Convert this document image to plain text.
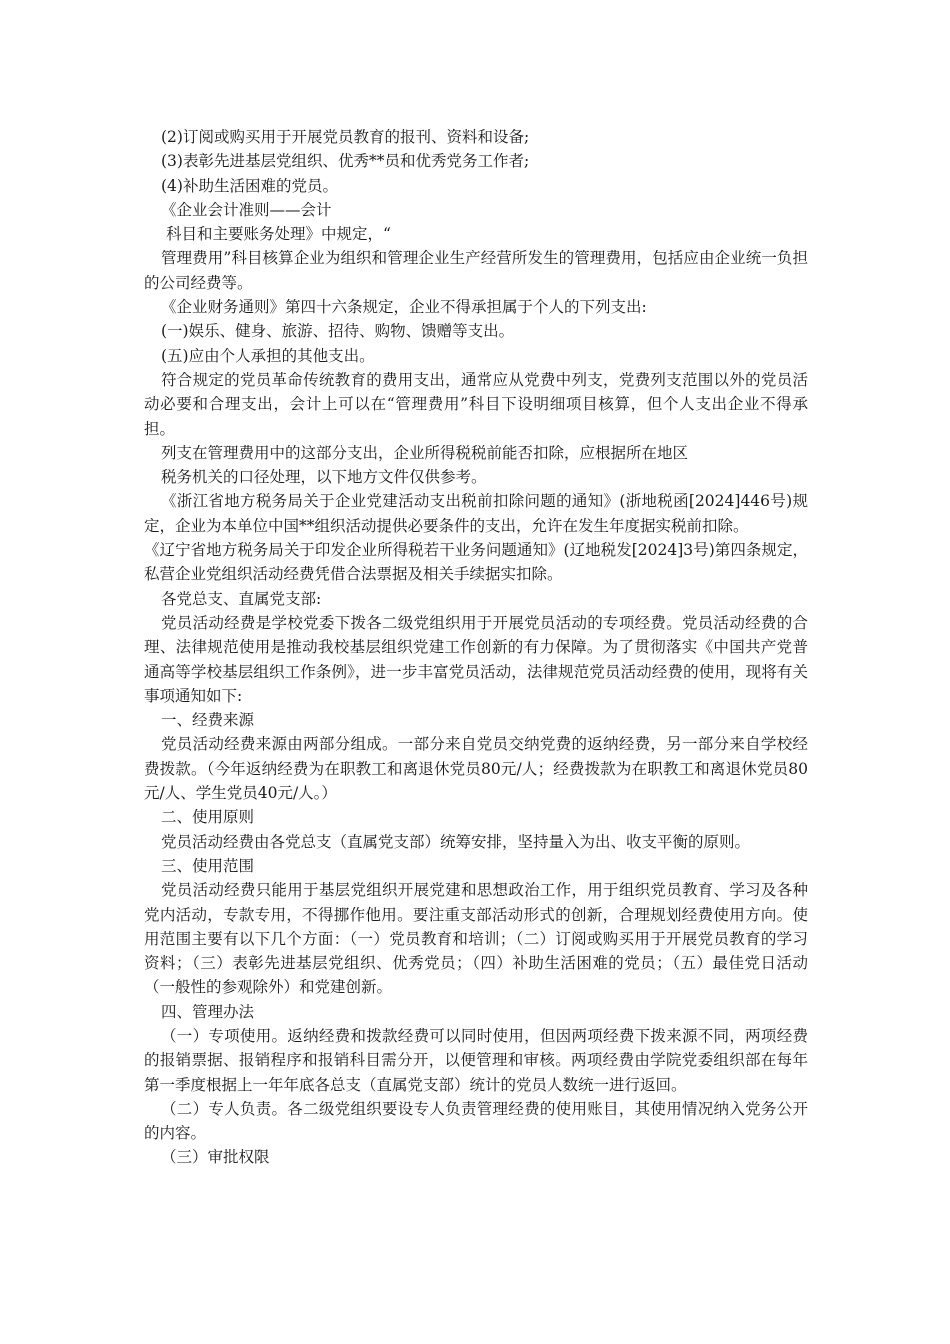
(2)订阅或购买用于开展党员教育的报刊、资料和设备;

(3)表彰先进基层党组织、优秀**员和优秀党务工作者;

(4)补助生活困难的党员。

《企业会计准则——会计

科目和主要账务处理》中规定，“

管理费用”科目核算企业为组织和管理企业生产经营所发生的管理费用，包括应由企业统一负担的公司经费等。

《企业财务通则》第四十六条规定，企业不得承担属于个人的下列支出:

(一)娱乐、健身、旅游、招待、购物、馈赠等支出。

(五)应由个人承担的其他支出。

符合规定的党员革命传统教育的费用支出，通常应从党费中列支，党费列支范围以外的党员活动必要和合理支出，会计上可以在“管理费用”科目下设明细项目核算，但个人支出企业不得承担。

列支在管理费用中的这部分支出，企业所得税税前能否扣除，应根据所在地区

税务机关的口径处理，以下地方文件仅供参考。

《浙江省地方税务局关于企业党建活动支出税前扣除问题的通知》(浙地税函[2024]446号)规定，企业为本单位中国**组织活动提供必要条件的支出，允许在发生年度据实税前扣除。

《辽宁省地方税务局关于印发企业所得税若干业务问题通知》(辽地税发[2024]3号)第四条规定，私营企业党组织活动经费凭借合法票据及相关手续据实扣除。

各党总支、直属党支部:

党员活动经费是学校党委下拨各二级党组织用于开展党员活动的专项经费。党员活动经费的合理、法律规范使用是推动我校基层组织党建工作创新的有力保障。为了贯彻落实《中国共产党普通高等学校基层组织工作条例》，进一步丰富党员活动，法律规范党员活动经费的使用，现将有关事项通知如下:

一、经费来源

党员活动经费来源由两部分组成。一部分来自党员交纳党费的返纳经费，另一部分来自学校经费拨款。（今年返纳经费为在职教工和离退休党员80元/人；经费拨款为在职教工和离退休党员80元/人、学生党员40元/人。）

二、使用原则

党员活动经费由各党总支（直属党支部）统筹安排，坚持量入为出、收支平衡的原则。

三、使用范围

党员活动经费只能用于基层党组织开展党建和思想政治工作，用于组织党员教育、学习及各种党内活动，专款专用，不得挪作他用。要注重支部活动形式的创新，合理规划经费使用方向。使用范围主要有以下几个方面：（一）党员教育和培训；（二）订阅或购买用于开展党员教育的学习资料；（三）表彰先进基层党组织、优秀党员；（四）补助生活困难的党员；（五）最佳党日活动（一般性的参观除外）和党建创新。

四、管理办法

（一）专项使用。返纳经费和拨款经费可以同时使用，但因两项经费下拨来源不同，两项经费的报销票据、报销程序和报销科目需分开，以便管理和审核。两项经费由学院党委组织部在每年第一季度根据上一年年底各总支（直属党支部）统计的党员人数统一进行返回。

（二）专人负责。各二级党组织要设专人负责管理经费的使用账目，其使用情况纳入党务公开的内容。

（三）审批权限
